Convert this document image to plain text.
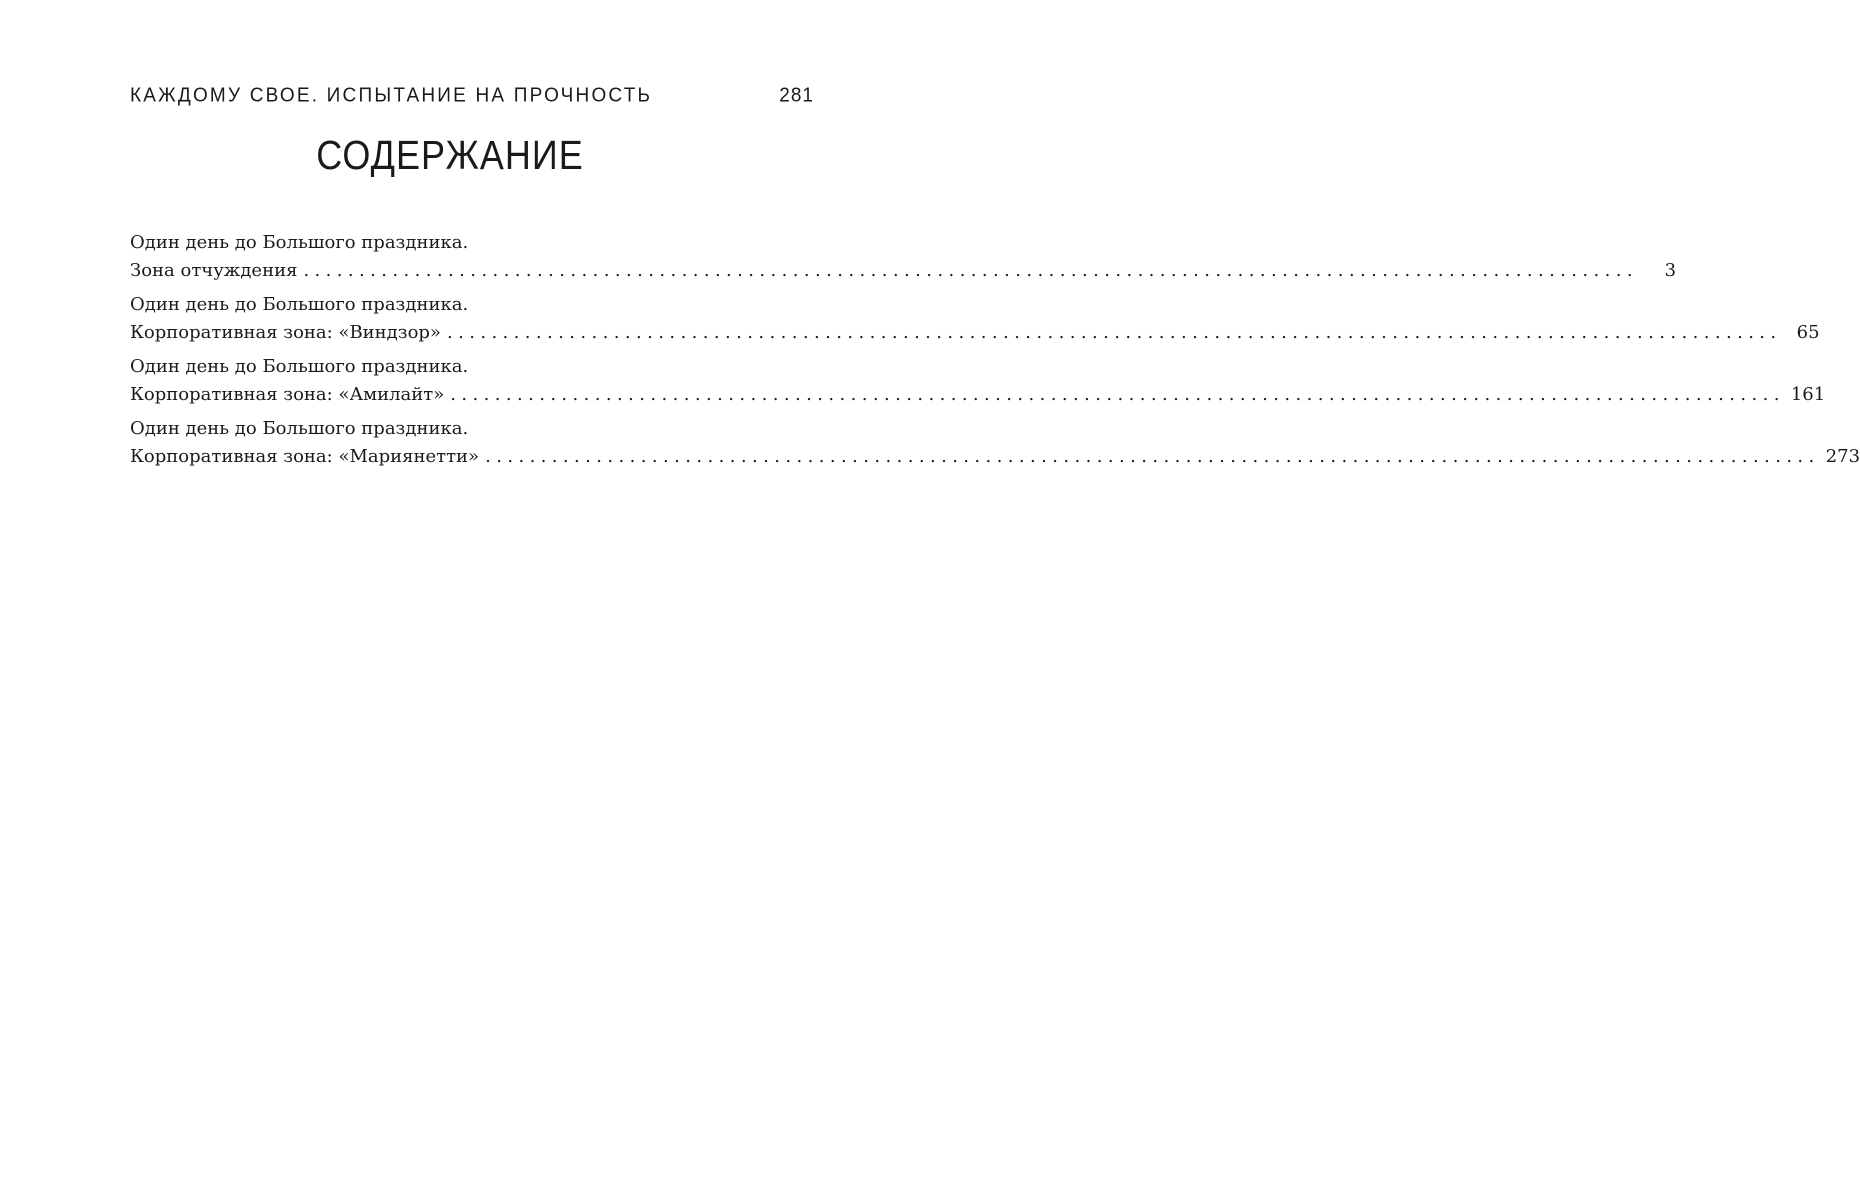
КАЖДОМУ СВОЕ. ИСПЫТАНИЕ НА ПРОЧНОСТЬ	281
СОДЕРЖАНИЕ
Один день до Большого праздника.
Зона отчуждения ........................................................................................................................	3
Один день до Большого праздника.
Корпоративная зона: «Виндзор» ........................................................................................................................ 65
Один день до Большого праздника.
Корпоративная зона: «Амилайт» ........................................................................................................................ 161
Один день до Большого праздника.
Корпоративная зона: «Мариянетти» ........................................................................................................................ 273
